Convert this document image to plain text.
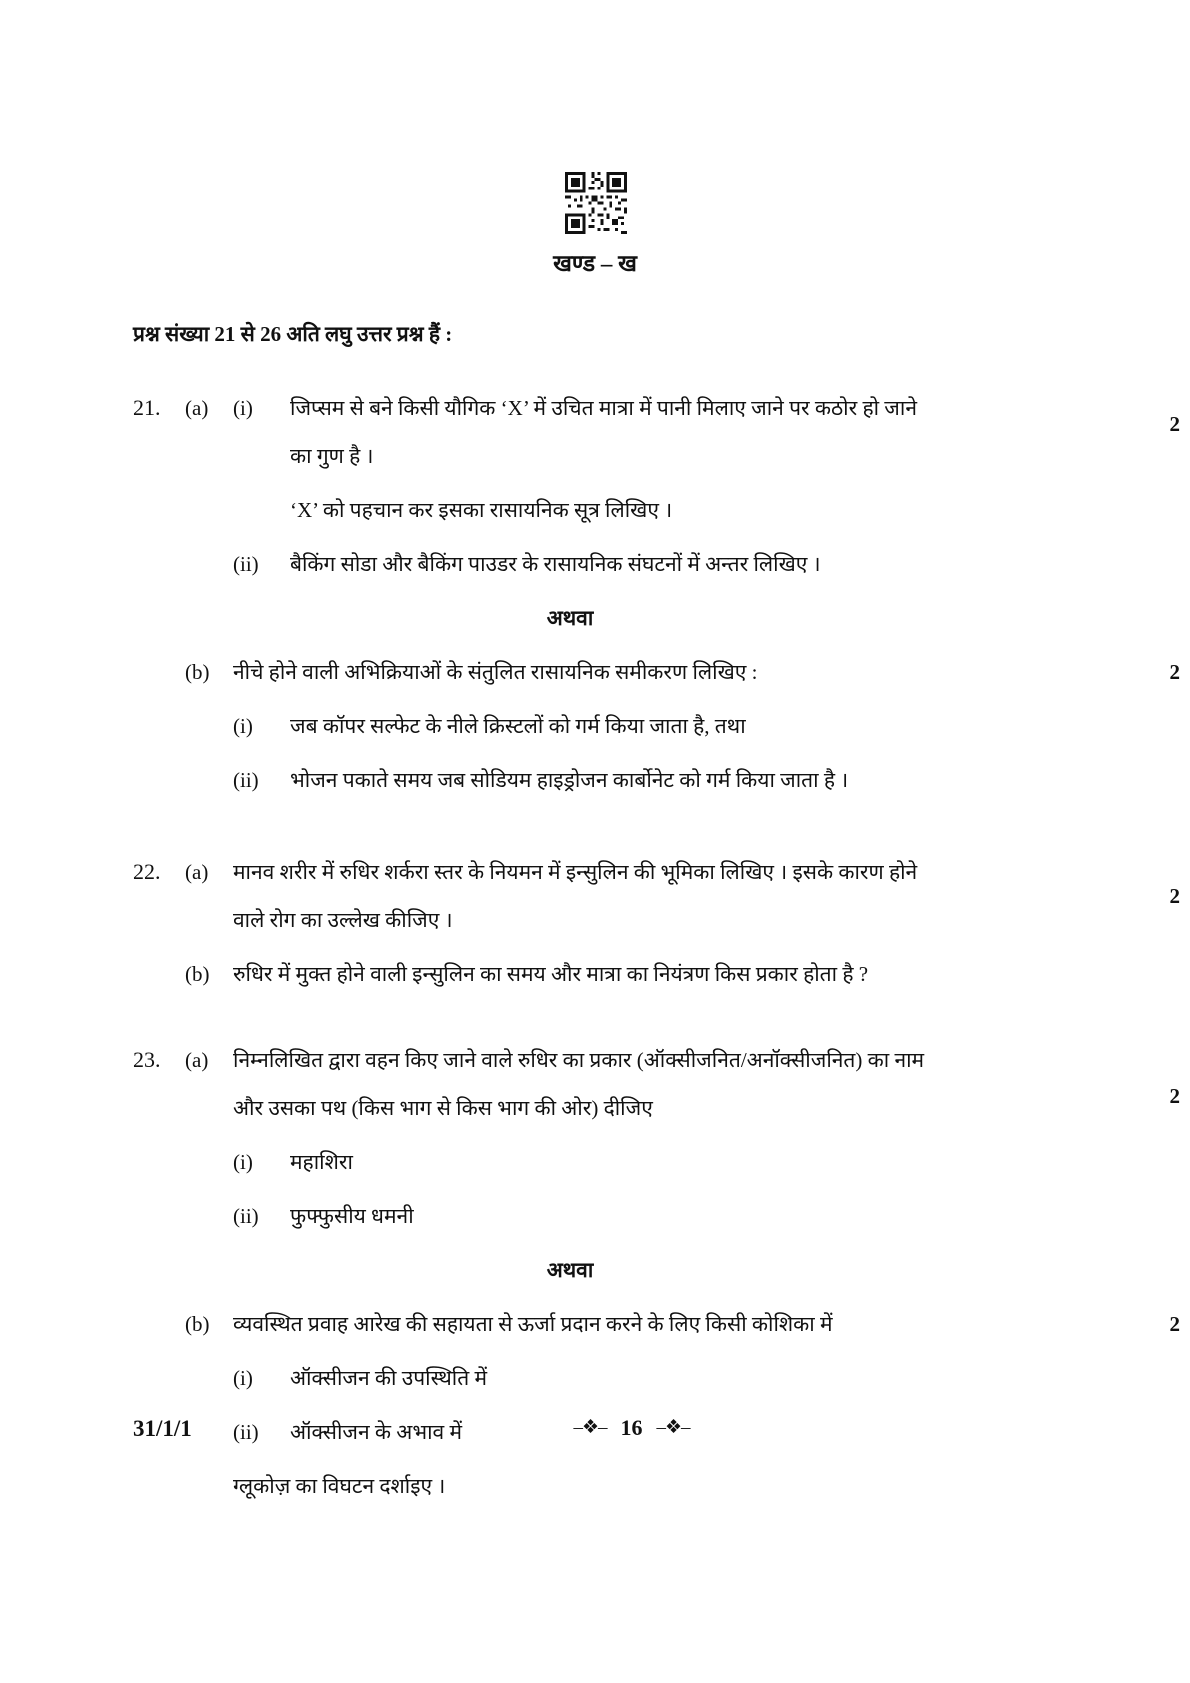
खण्ड – ख
प्रश्न संख्या 21 से 26 अति लघु उत्तर प्रश्न हैं :
21.	(a)	(i)	जिप्सम से बने किसी यौगिक ‘X’ में उचित मात्रा में पानी मिलाए जाने पर कठोर हो जाने का गुण है ।

‘X’ को पहचान कर इसका रासायनिक सूत्र लिखिए ।

(ii)	बैकिंग सोडा और बैकिंग पाउडर के रासायनिक संघटनों में अन्तर लिखिए ।

2
अथवा
(b)	नीचे होने वाली अभिक्रियाओं के संतुलित रासायनिक समीकरण लिखिए :

(i)	जब कॉपर सल्फेट के नीले क्रिस्टलों को गर्म किया जाता है, तथा

(ii)	भोजन पकाते समय जब सोडियम हाइड्रोजन कार्बोनेट को गर्म किया जाता है ।

2
22.	(a)	मानव शरीर में रुधिर शर्करा स्तर के नियमन में इन्सुलिन की भूमिका लिखिए । इसके कारण होने वाले रोग का उल्लेख कीजिए ।

2
(b)	रुधिर में मुक्त होने वाली इन्सुलिन का समय और मात्रा का नियंत्रण किस प्रकार होता है ?

23.	(a)	निम्नलिखित द्वारा वहन किए जाने वाले रुधिर का प्रकार (ऑक्सीजनित/अनॉक्सीजनित) का नाम और उसका पथ (किस भाग से किस भाग की ओर) दीजिए

(i)	महाशिरा

(ii)	फुफ्फुसीय धमनी

2
अथवा
(b)	व्यवस्थित प्रवाह आरेख की सहायता से ऊर्जा प्रदान करने के लिए किसी कोशिका में

(i)	ऑक्सीजन की उपस्थिति में

(ii)	ऑक्सीजन के अभाव में

ग्लूकोज़ का विघटन दर्शाइए ।

2
31/1/1	–❖– 16 –❖–
